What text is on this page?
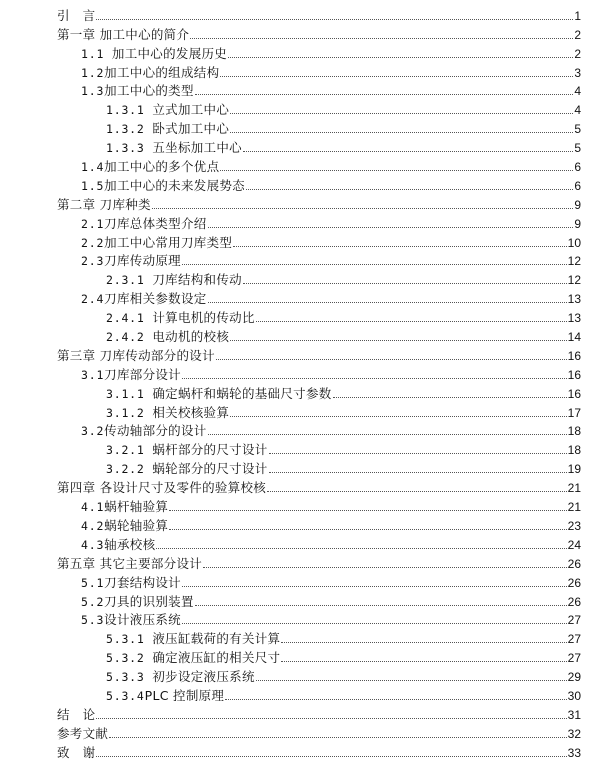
引　言	1
第一章 加工中心的简介	2
1.1 加工中心的发展历史	2
1.2加工中心的组成结构	3
1.3加工中心的类型	4
1.3.1 立式加工中心	4
1.3.2 卧式加工中心	5
1.3.3 五坐标加工中心	5
1.4加工中心的多个优点	6
1.5加工中心的未来发展势态	6
第二章 刀库种类	9
2.1刀库总体类型介绍	9
2.2加工中心常用刀库类型	10
2.3刀库传动原理	12
2.3.1 刀库结构和传动	12
2.4刀库相关参数设定	13
2.4.1 计算电机的传动比	13
2.4.2 电动机的校核	14
第三章 刀库传动部分的设计	16
3.1刀库部分设计	16
3.1.1 确定蜗杆和蜗轮的基础尺寸参数	16
3.1.2 相关校核验算	17
3.2传动轴部分的设计	18
3.2.1 蜗杆部分的尺寸设计	18
3.2.2 蜗轮部分的尺寸设计	19
第四章 各设计尺寸及零件的验算校核	21
4.1蜗杆轴验算	21
4.2蜗轮轴验算	23
4.3轴承校核	24
第五章 其它主要部分设计	26
5.1刀套结构设计	26
5.2刀具的识别装置	26
5.3设计液压系统	27
5.3.1 液压缸载荷的有关计算	27
5.3.2 确定液压缸的相关尺寸	27
5.3.3 初步设定液压系统	29
5.3.4PLC 控制原理	30
结　论	31
参考文献	32
致　谢	33
